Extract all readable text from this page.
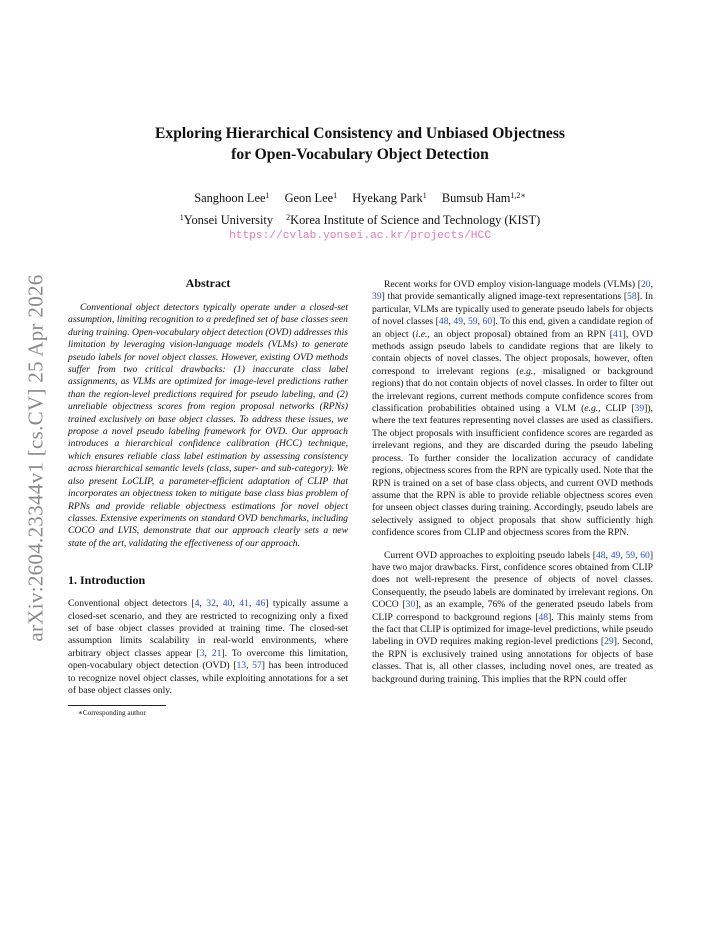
arXiv:2604.23344v1 [cs.CV] 25 Apr 2026
Exploring Hierarchical Consistency and Unbiased Objectness
for Open-Vocabulary Object Detection
Sanghoon Lee$^1$ Geon Lee$^1$ Hyekang Park$^1$ Bumsub Ham$^{1,2∗}$
$^1$Yonsei University $^2$Korea Institute of Science and Technology (KIST)
https://cvlab.yonsei.ac.kr/projects/HCC
Abstract

Conventional object detectors typically operate under a closed-set assumption, limiting recognition to a predefined set of base classes seen during training. Open-vocabulary object detection (OVD) addresses this limitation by leveraging vision-language models (VLMs) to generate pseudo labels for novel object classes. However, existing OVD methods suffer from two critical drawbacks: (1) inaccurate class label assignments, as VLMs are optimized for image-level predictions rather than the region-level predictions required for pseudo labeling, and (2) unreliable objectness scores from region proposal networks (RPNs) trained exclusively on base object classes. To address these issues, we propose a novel pseudo labeling framework for OVD. Our approach introduces a hierarchical confidence calibration (HCC) technique, which ensures reliable class label estimation by assessing consistency across hierarchical semantic levels (class, super- and sub-category). We also present LoCLIP, a parameter-efficient adaptation of CLIP that incorporates an objectness token to mitigate base class bias problem of RPNs and provide reliable objectness estimations for novel object classes. Extensive experiments on standard OVD benchmarks, including COCO and LVIS, demonstrate that our approach clearly sets a new state of the art, validating the effectiveness of our approach.

1. Introduction

Conventional object detectors [4, 32, 40, 41, 46] typically assume a closed-set scenario, and they are restricted to recognizing only a fixed set of base object classes provided at training time. The closed-set assumption limits scalability in real-world environments, where arbitrary object classes appear [3, 21]. To overcome this limitation, open-vocabulary object detection (OVD) [13, 57] has been introduced to recognize novel object classes, while exploiting annotations for a set of base object classes only.

∗Corresponding author

Recent works for OVD employ vision-language models (VLMs) [20, 39] that provide semantically aligned image-text representations [58]. In particular, VLMs are typically used to generate pseudo labels for objects of novel classes [48, 49, 59, 60]. To this end, given a candidate region of an object (i.e., an object proposal) obtained from an RPN [41], OVD methods assign pseudo labels to candidate regions that are likely to contain objects of novel classes. The object proposals, however, often correspond to irrelevant regions (e.g., misaligned or background regions) that do not contain objects of novel classes. In order to filter out the irrelevant regions, current methods compute confidence scores from classification probabilities obtained using a VLM (e.g., CLIP [39]), where the text features representing novel classes are used as classifiers. The object proposals with insufficient confidence scores are regarded as irrelevant regions, and they are discarded during the pseudo labeling process. To further consider the localization accuracy of candidate regions, objectness scores from the RPN are typically used. Note that the RPN is trained on a set of base class objects, and current OVD methods assume that the RPN is able to provide reliable objectness scores even for unseen object classes during training. Accordingly, pseudo labels are selectively assigned to object proposals that show sufficiently high confidence scores from CLIP and objectness scores from the RPN.

Current OVD approaches to exploiting pseudo labels [48, 49, 59, 60] have two major drawbacks. First, confidence scores obtained from CLIP does not well-represent the presence of objects of novel classes. Consequently, the pseudo labels are dominated by irrelevant regions. On COCO [30], as an example, 76% of the generated pseudo labels from CLIP correspond to background regions [48]. This mainly stems from the fact that CLIP is optimized for image-level predictions, while pseudo labeling in OVD requires making region-level predictions [29]. Second, the RPN is exclusively trained using annotations for objects of base classes. That is, all other classes, including novel ones, are treated as background during training. This implies that the RPN could offer
